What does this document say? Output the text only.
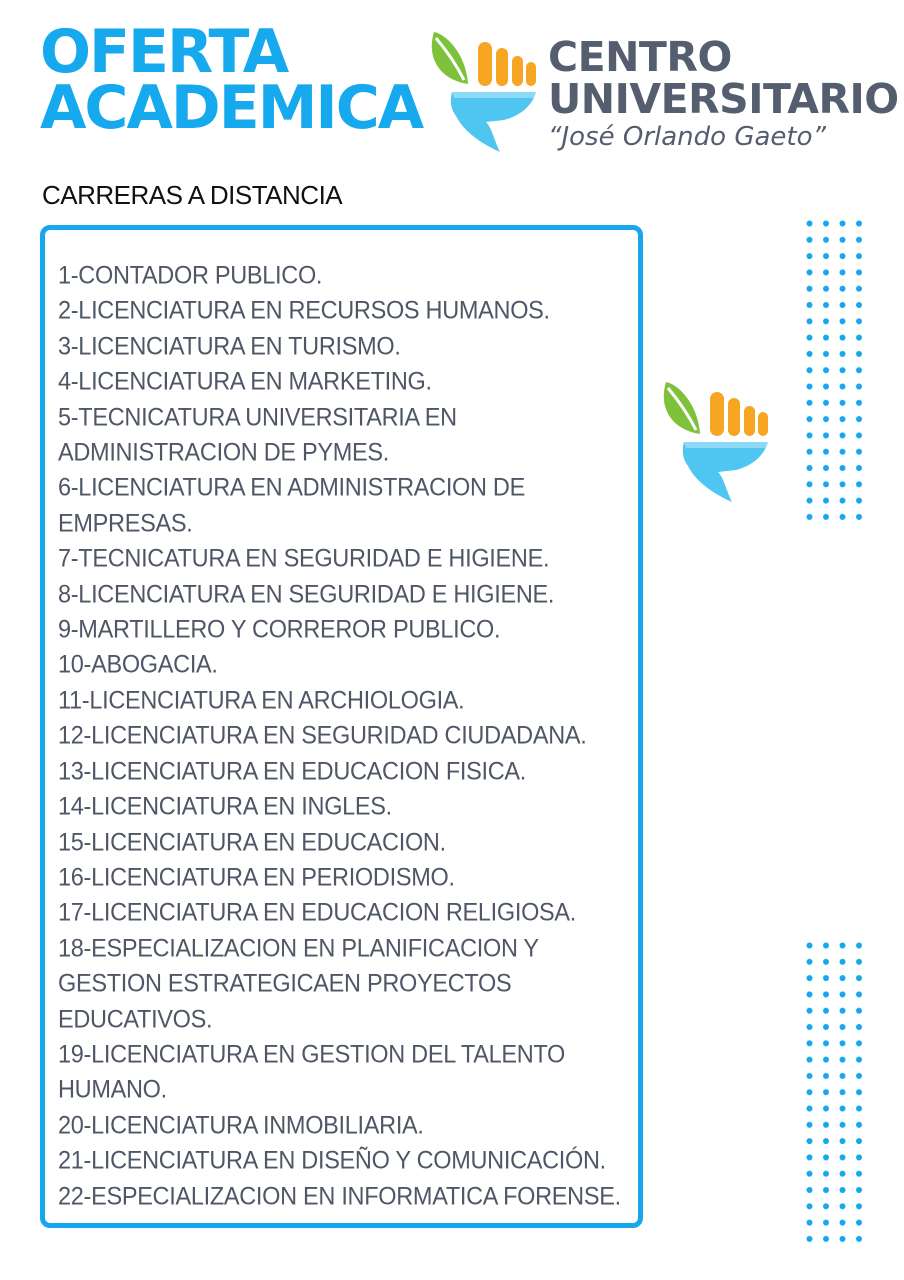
OFERTA
ACADEMICA
CENTRO
UNIVERSITARIO
“José Orlando Gaeto”
CARRERAS A DISTANCIA
1-CONTADOR PUBLICO.
2-LICENCIATURA EN RECURSOS HUMANOS.
3-LICENCIATURA EN TURISMO.
4-LICENCIATURA EN MARKETING.
5-TECNICATURA UNIVERSITARIA EN
ADMINISTRACION DE PYMES.
6-LICENCIATURA EN ADMINISTRACION DE
EMPRESAS.
7-TECNICATURA EN SEGURIDAD E HIGIENE.
8-LICENCIATURA EN SEGURIDAD E HIGIENE.
9-MARTILLERO Y CORREROR PUBLICO.
10-ABOGACIA.
11-LICENCIATURA EN ARCHIOLOGIA.
12-LICENCIATURA EN SEGURIDAD CIUDADANA.
13-LICENCIATURA EN EDUCACION FISICA.
14-LICENCIATURA EN INGLES.
15-LICENCIATURA EN EDUCACION.
16-LICENCIATURA EN PERIODISMO.
17-LICENCIATURA EN EDUCACION RELIGIOSA.
18-ESPECIALIZACION EN PLANIFICACION Y
GESTION ESTRATEGICAEN PROYECTOS
EDUCATIVOS.
19-LICENCIATURA EN GESTION DEL TALENTO
HUMANO.
20-LICENCIATURA INMOBILIARIA.
21-LICENCIATURA EN DISEÑO Y COMUNICACIÓN.
22-ESPECIALIZACION EN INFORMATICA FORENSE.
